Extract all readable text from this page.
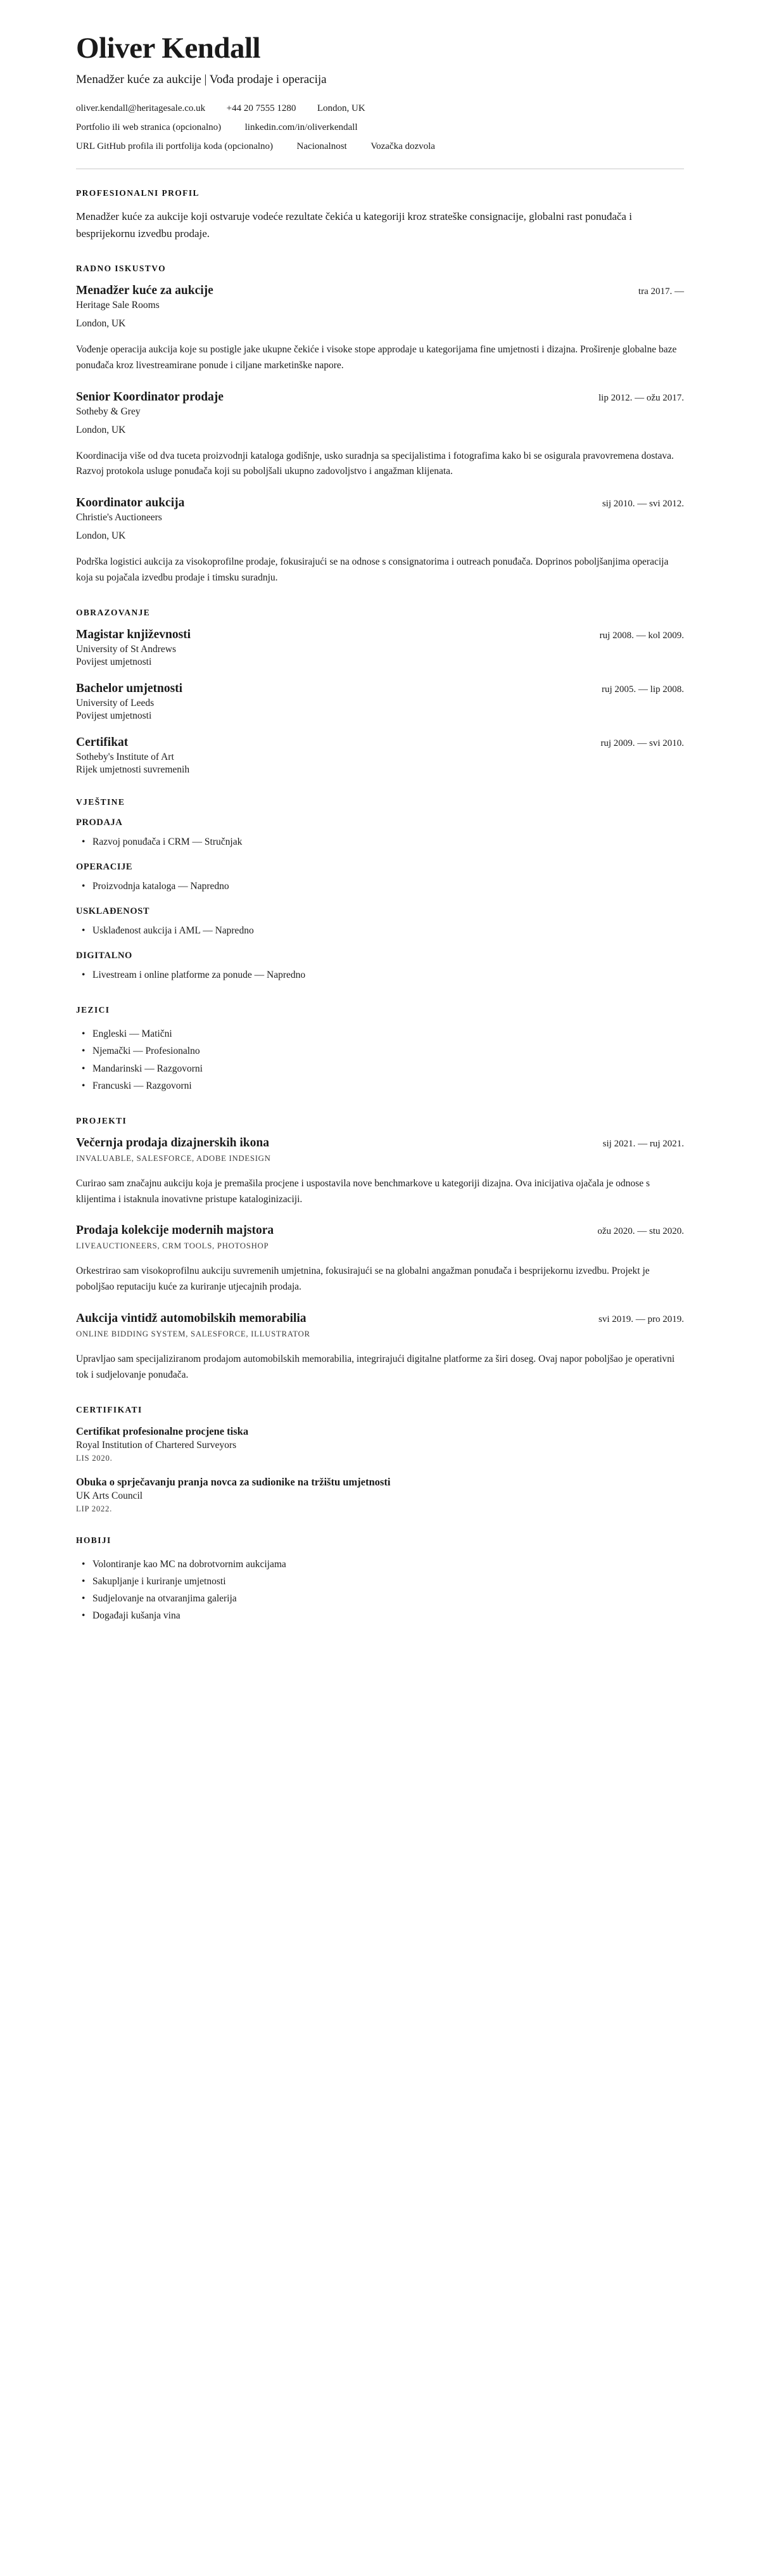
Oliver Kendall

Menadžer kuće za aukcije | Vođa prodaje i operacija

oliver.kendall@heritagesale.co.uk +44 20 7555 1280 London, UK
Portfolio ili web stranica (opcionalno)	linkedin.com/in/oliverkendall
URL GitHub profila ili portfolija koda (opcionalno)	Nacionalnost	Vozačka dozvola
PROFESIONALNI PROFIL

Menadžer kuće za aukcije koji ostvaruje vodeće rezultate čekića u kategoriji kroz strateške consignacije, globalni rast ponuđača i besprijekornu izvedbu prodaje.

RADNO ISKUSTVO
Menadžer kuće za aukcije	tra 2017. —

Heritage Sale Rooms

London, UK

Vođenje operacija aukcija koje su postigle jake ukupne čekiće i visoke stope approdaje u kategorijama fine umjetnosti i dizajna. Proširenje globalne baze ponuđača kroz livestreamirane ponude i ciljane marketinške napore.

Senior Koordinator prodaje	lip 2012. — ožu 2017.

Sotheby & Grey

London, UK

Koordinacija više od dva tuceta proizvodnji kataloga godišnje, usko suradnja sa specijalistima i fotografima kako bi se osigurala pravovremena dostava. Razvoj protokola usluge ponuđača koji su poboljšali ukupno zadovoljstvo i angažman klijenata.

Koordinator aukcija	sij 2010. — svi 2012.

Christie's Auctioneers

London, UK

Podrška logistici aukcija za visokoprofilne prodaje, fokusirajući se na odnose s consignatorima i outreach ponuđača. Doprinos poboljšanjima operacija koja su pojačala izvedbu prodaje i timsku suradnju.

OBRAZOVANJE
Magistar književnosti	ruj 2008. — kol 2009.

University of St Andrews

Povijest umjetnosti

Bachelor umjetnosti	ruj 2005. — lip 2008.

University of Leeds

Povijest umjetnosti

Certifikat	ruj 2009. — svi 2010.

Sotheby's Institute of Art

Rijek umjetnosti suvremenih

VJEŠTINE
PRODAJA
• Razvoj ponuđača i CRM — Stručnjak
OPERACIJE
• Proizvodnja kataloga — Napredno
USKLAĐENOST
• Usklađenost aukcija i AML — Napredno
DIGITALNO
• Livestream i online platforme za ponude — Napredno
JEZICI
• Engleski — Matični
• Njemački — Profesionalno
• Mandarinski — Razgovorni
• Francuski — Razgovorni
PROJEKTI
Večernja prodaja dizajnerskih ikona	sij 2021. — ruj 2021.

INVALUABLE, SALESFORCE, ADOBE INDESIGN

Curirao sam značajnu aukciju koja je premašila procjene i uspostavila nove benchmarkove u kategoriji dizajna. Ova inicijativa ojačala je odnose s klijentima i istaknula inovativne pristupe kataloginizaciji.

Prodaja kolekcije modernih majstora	ožu 2020. — stu 2020.

LIVEAUCTIONEERS, CRM TOOLS, PHOTOSHOP

Orkestrirao sam visokoprofilnu aukciju suvremenih umjetnina, fokusirajući se na globalni angažman ponuđača i besprijekornu izvedbu. Projekt je poboljšao reputaciju kuće za kuriranje utjecajnih prodaja.

Aukcija vintidž automobilskih memorabilia	svi 2019. — pro 2019.

ONLINE BIDDING SYSTEM, SALESFORCE, ILLUSTRATOR

Upravljao sam specijaliziranom prodajom automobilskih memorabilia, integrirajući digitalne platforme za širi doseg. Ovaj napor poboljšao je operativni tok i sudjelovanje ponuđača.

CERTIFIKATI
Certifikat profesionalne procjene tiska

Royal Institution of Chartered Surveyors

LIS 2020.

Obuka o sprječavanju pranja novca za sudionike na tržištu umjetnosti

UK Arts Council

LIP 2022.

HOBIJI
• Volontiranje kao MC na dobrotvornim aukcijama
• Sakupljanje i kuriranje umjetnosti
• Sudjelovanje na otvaranjima galerija
• Događaji kušanja vina
